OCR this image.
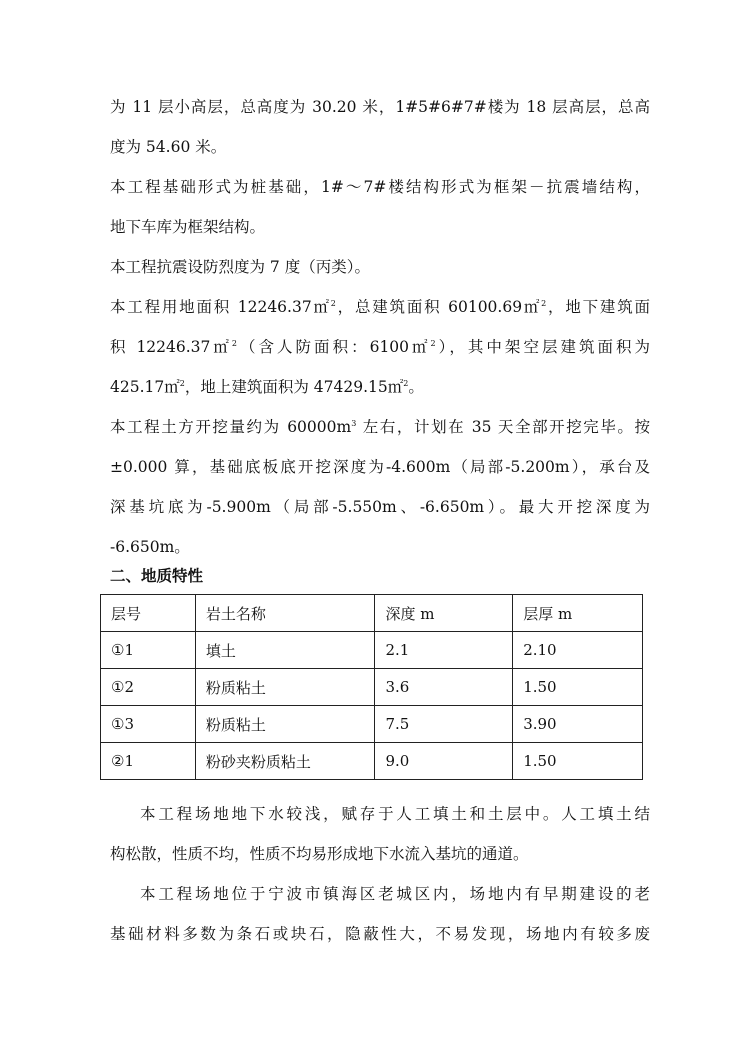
为 11 层小高层，总高度为 30.20 米，1#5#6#7#楼为 18 层高层，总高
度为 54.60 米。
本工程基础形式为桩基础，1#～7#楼结构形式为框架－抗震墙结构，
地下车库为框架结构。
本工程抗震设防烈度为 7 度（丙类）。
本工程用地面积 12246.37㎡$^2$，总建筑面积 60100.69㎡$^2$，地下建筑面
积 12246.37㎡$^2$（含人防面积：6100㎡$^2$），其中架空层建筑面积为
425.17㎡$^2$，地上建筑面积为 47429.15㎡$^2$。
本工程土方开挖量约为 $60000m^3$ 左右，计划在 35 天全部开挖完毕。按
±0.000 算，基础底板底开挖深度为-4.600m（局部-5.200m），承台及
深基坑底为-5.900m（局部-5.550m、-6.650m）。最大开挖深度为
-6.650m。
二、地质特性
层号	岩土名称	深度 m	层厚 m
①1	填土	2.1	2.10
①2	粉质粘土	3.6	1.50
①3	粉质粘土	7.5	3.90
②1	粉砂夹粉质粘土	9.0	1.50
本工程场地地下水较浅，赋存于人工填土和土层中。人工填土结
构松散，性质不均，性质不均易形成地下水流入基坑的通道。
本工程场地位于宁波市镇海区老城区内，场地内有早期建设的老
基础材料多数为条石或块石，隐蔽性大，不易发现，场地内有较多废
